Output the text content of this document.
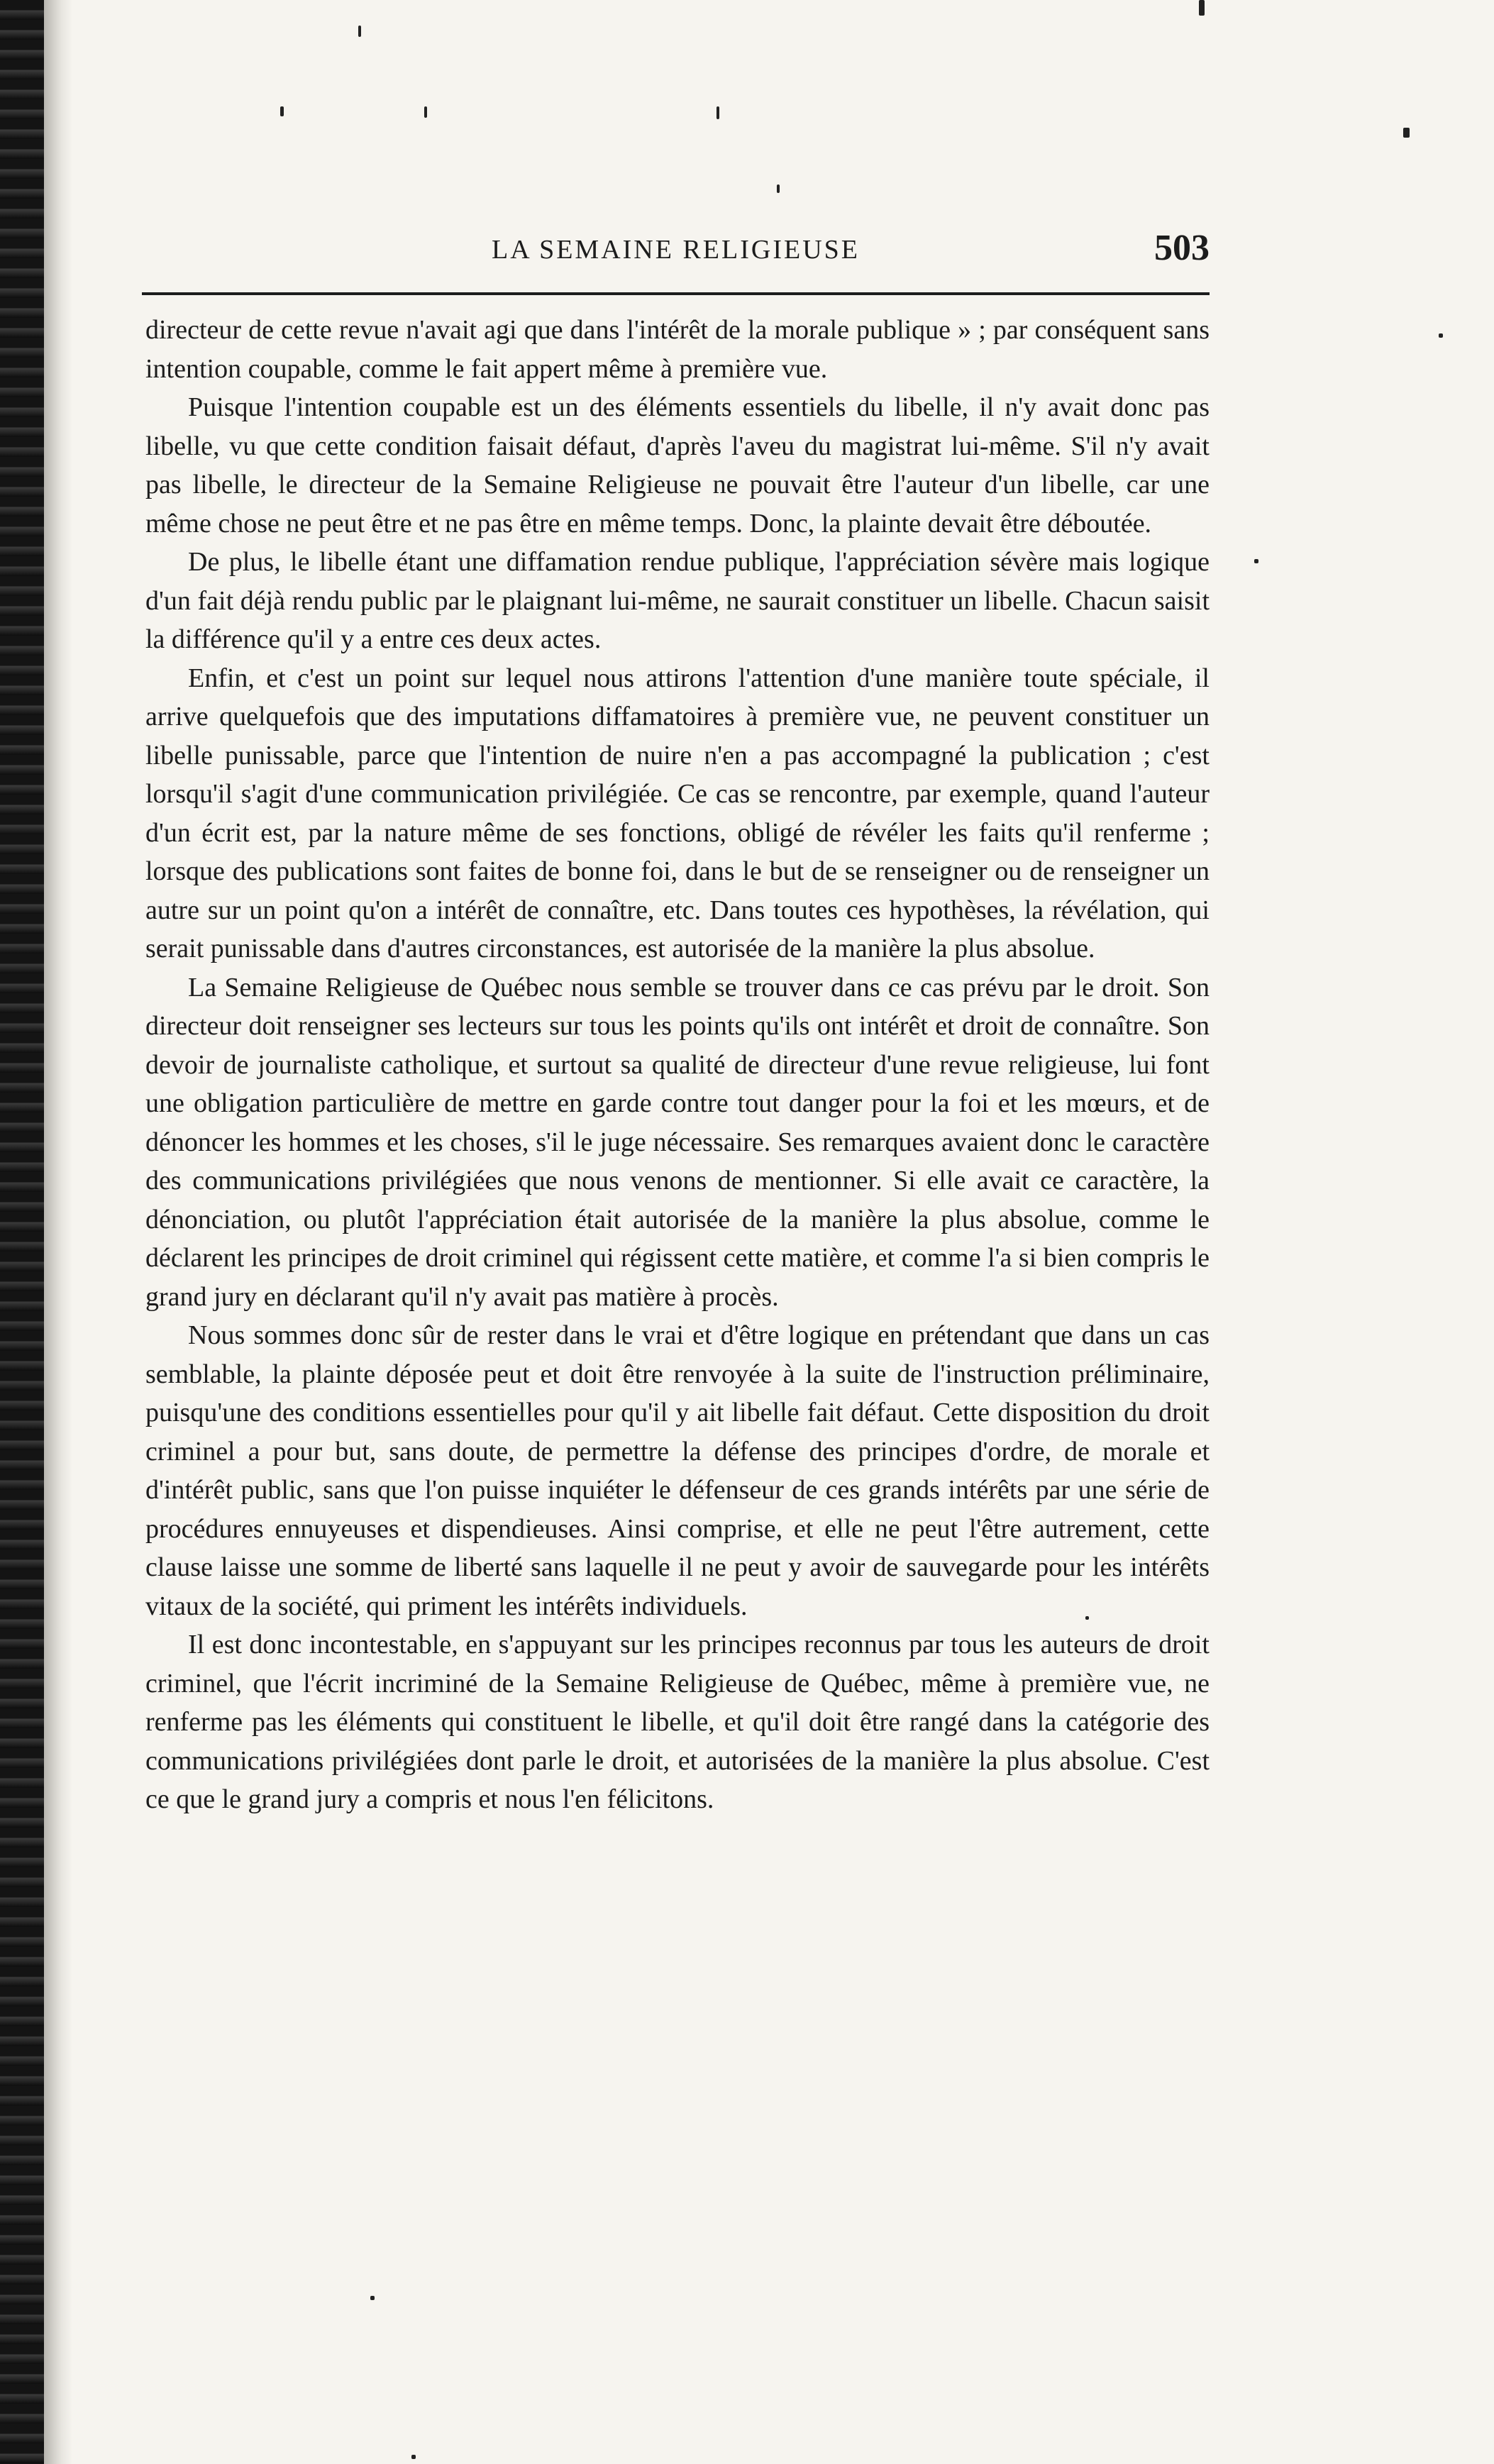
LA SEMAINE RELIGIEUSE	503

directeur de cette revue n'avait agi que dans l'intérêt de la morale publique » ; par conséquent sans intention coupable, comme le fait appert même à première vue.

Puisque l'intention coupable est un des éléments essentiels du libelle, il n'y avait donc pas libelle, vu que cette condition faisait défaut, d'après l'aveu du magistrat lui-même. S'il n'y avait pas libelle, le directeur de la Semaine Religieuse ne pouvait être l'auteur d'un libelle, car une même chose ne peut être et ne pas être en même temps. Donc, la plainte devait être déboutée.

De plus, le libelle étant une diffamation rendue publique, l'appréciation sévère mais logique d'un fait déjà rendu public par le plaignant lui-même, ne saurait constituer un libelle. Chacun saisit la différence qu'il y a entre ces deux actes.

Enfin, et c'est un point sur lequel nous attirons l'attention d'une manière toute spéciale, il arrive quelquefois que des imputations diffamatoires à première vue, ne peuvent constituer un libelle punissable, parce que l'intention de nuire n'en a pas accompagné la publication ; c'est lorsqu'il s'agit d'une communication privilégiée. Ce cas se rencontre, par exemple, quand l'auteur d'un écrit est, par la nature même de ses fonctions, obligé de révéler les faits qu'il renferme ; lorsque des publications sont faites de bonne foi, dans le but de se renseigner ou de renseigner un autre sur un point qu'on a intérêt de connaître, etc. Dans toutes ces hypothèses, la révélation, qui serait punissable dans d'autres circonstances, est autorisée de la manière la plus absolue.

La Semaine Religieuse de Québec nous semble se trouver dans ce cas prévu par le droit. Son directeur doit renseigner ses lecteurs sur tous les points qu'ils ont intérêt et droit de connaître. Son devoir de journaliste catholique, et surtout sa qualité de directeur d'une revue religieuse, lui font une obligation particulière de mettre en garde contre tout danger pour la foi et les mœurs, et de dénoncer les hommes et les choses, s'il le juge nécessaire. Ses remarques avaient donc le caractère des communications privilégiées que nous venons de mentionner. Si elle avait ce caractère, la dénonciation, ou plutôt l'appréciation était autorisée de la manière la plus absolue, comme le déclarent les principes de droit criminel qui régissent cette matière, et comme l'a si bien compris le grand jury en déclarant qu'il n'y avait pas matière à procès.

Nous sommes donc sûr de rester dans le vrai et d'être logique en prétendant que dans un cas semblable, la plainte déposée peut et doit être renvoyée à la suite de l'instruction préliminaire, puisqu'une des conditions essentielles pour qu'il y ait libelle fait défaut. Cette disposition du droit criminel a pour but, sans doute, de permettre la défense des principes d'ordre, de morale et d'intérêt public, sans que l'on puisse inquiéter le défenseur de ces grands intérêts par une série de procédures ennuyeuses et dispendieuses. Ainsi comprise, et elle ne peut l'être autrement, cette clause laisse une somme de liberté sans laquelle il ne peut y avoir de sauvegarde pour les intérêts vitaux de la société, qui priment les intérêts individuels.

Il est donc incontestable, en s'appuyant sur les principes reconnus par tous les auteurs de droit criminel, que l'écrit incriminé de la Semaine Religieuse de Québec, même à première vue, ne renferme pas les éléments qui constituent le libelle, et qu'il doit être rangé dans la catégorie des communications privilégiées dont parle le droit, et autorisées de la manière la plus absolue. C'est ce que le grand jury a compris et nous l'en félicitons.
